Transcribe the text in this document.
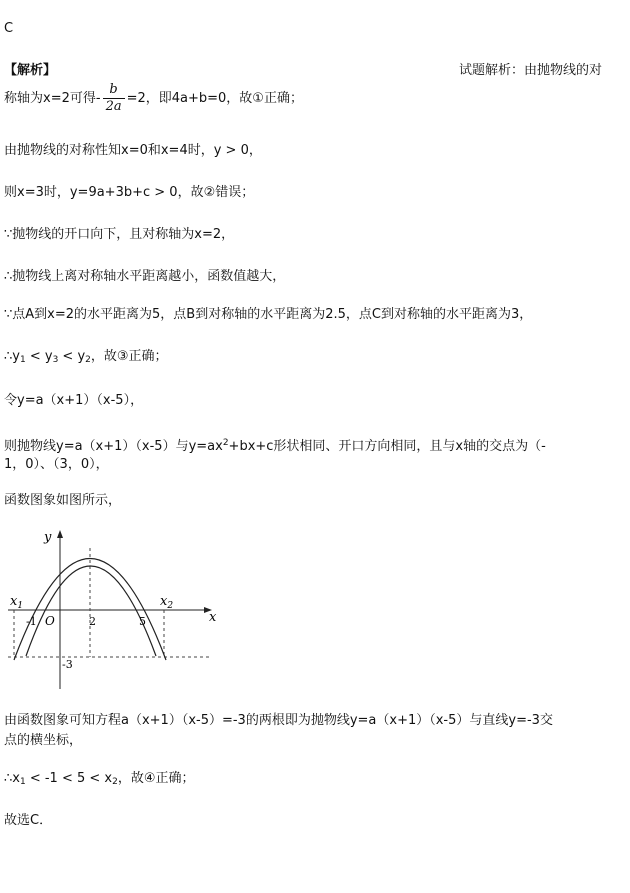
C
【解析】	试题解析：由抛物线的对
称轴为x=2可得- $\frac{b}{2a} =2$，即4a+b=0，故①正确；
由抛物线的对称性知x=0和x=4时，y > 0，
则x=3时，y=9a+3b+c > 0，故②错误；
∵抛物线的开口向下，且对称轴为x=2，
∴抛物线上离对称轴水平距离越小，函数值越大，
∵点A到x=2的水平距离为5，点B到对称轴的水平距离为2.5，点C到对称轴的水平距离为3，
$\therefore y_1 < y_3 < y_2$，故③正确；
令y=a（x+1）（x-5），
则抛物线y=a（x+1）（x-5）与$y=ax^2+bx+c$形状相同、开口方向相同，且与x轴的交点为（-
1，0）、（3，0），
函数图象如图所示，
y
x
O
$x_1$	$x_2$
-1	2	5
-3
由函数图象可知方程a（x+1）（x-5）=-3的两根即为抛物线y=a（x+1）（x-5）与直线y=-3交
点的横坐标，
$\therefore x_1 < -1 < 5 < x_2$，故④正确；
故选C．
